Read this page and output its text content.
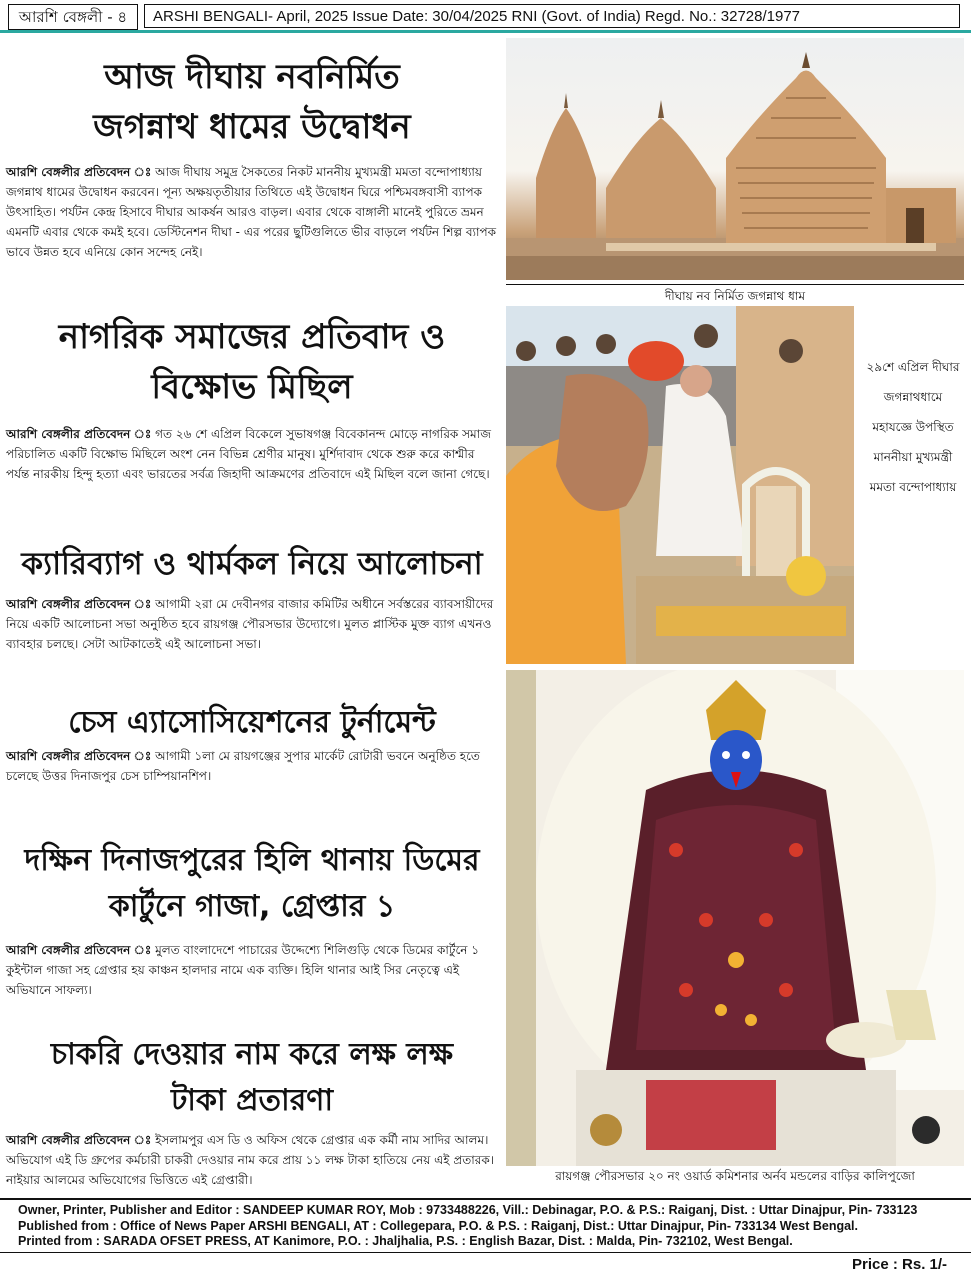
আরশি বেঙ্গলী - ৪	ARSHI BENGALI- April, 2025 Issue Date: 30/04/2025 RNI (Govt. of India) Regd. No.: 32728/1977
আজ দীঘায় নবনির্মিত
জগন্নাথ ধামের উদ্বোধন

আরশি বেঙ্গলীর প্রতিবেদন ঃ আজ দীঘায় সমুদ্র সৈকতের নিকট মাননীয় মুখ্যমন্ত্রী মমতা বন্দোপাধ্যায় জগন্নাথ ধামের উদ্বোধন করবেন। পূন্য অক্ষয়তৃতীয়ার তিথিতে এই উদ্বোধন ঘিরে পশ্চিমবঙ্গবাসী ব্যাপক উৎসাহিত। পর্যটন কেন্দ্র হিসাবে দীঘার আকর্ষন আরও বাড়ল। এবার থেকে বাঙ্গালী মানেই পুরিতে ভ্রমন এমনটি এবার থেকে কমই হবে। ডেস্টিনেশন দীঘা - এর পরের ছুটিগুলিতে ভীর বাড়লে পর্যটন শিল্প ব্যাপক ভাবে উন্নত হবে এনিয়ে কোন সন্দেহ নেই।

নাগরিক সমাজের প্রতিবাদ ও
বিক্ষোভ মিছিল

আরশি বেঙ্গলীর প্রতিবেদন ঃ গত ২৬ শে এপ্রিল বিকেলে সুভাষগঞ্জ বিবেকানন্দ মোড়ে নাগরিক সমাজ পরিচালিত একটি বিক্ষোভ মিছিলে অংশ নেন বিভিন্ন শ্রেণীর মানুষ। মুর্শিদাবাদ থেকে শুরু করে কাশ্মীর পর্যন্ত নারকীয় হিন্দু হত্যা এবং ভারতের সর্বত্র জিহাদী আক্রমণের প্রতিবাদে এই মিছিল বলে জানা গেছে।

ক্যারিব্যাগ ও থার্মকল নিয়ে আলোচনা

আরশি বেঙ্গলীর প্রতিবেদন ঃ আগামী ২রা মে দেবীনগর বাজার কমিটির অধীনে সর্বস্তরের ব্যাবসায়ীদের নিয়ে একটি আলোচনা সভা অনুষ্ঠিত হবে রায়গঞ্জ পৌরসভার উদ্যোগে। মুলত প্লাস্টিক মুক্ত ব্যাগ এখনও ব্যাবহার চলছে। সেটা আটকাতেই এই আলোচনা সভা।

চেস এ্যাসোসিয়েশনের টুর্নামেন্ট

আরশি বেঙ্গলীর প্রতিবেদন ঃ আগামী ১লা মে রায়গঞ্জের সুপার মার্কেট রোটারী ভবনে অনুষ্ঠিত হতে চলেছে উত্তর দিনাজপুর চেস চাম্পিয়ানশিপ।

দক্ষিন দিনাজপুরের হিলি থানায় ডিমের
কার্টুনে গাজা, গ্রেপ্তার ১

আরশি বেঙ্গলীর প্রতিবেদন ঃ মুলত বাংলাদেশে পাচারের উদ্দেশ্যে শিলিগুড়ি থেকে ডিমের কার্টুনে ১ কুইন্টাল গাজা সহ গ্রেপ্তার হয় কাঞ্চন হালদার নামে এক ব্যক্তি। হিলি থানার আই সির নেতৃত্বে এই অভিযানে সাফল্য।

চাকরি দেওয়ার নাম করে লক্ষ লক্ষ
টাকা প্রতারণা

আরশি বেঙ্গলীর প্রতিবেদন ঃ ইসলামপুর এস ডি ও অফিস থেকে গ্রেপ্তার এক কর্মী নাম সাদির আলম। অভিযোগ এই ডি গ্রুপের কর্মচারী চাকরী দেওয়ার নাম করে প্রায় ১১ লক্ষ টাকা হাতিয়ে নেয় এই প্রতারক। নাইয়ার আলমের অভিযোগের ভিত্তিতে এই গ্রেপ্তারী।

দীঘায় নব নির্মিত জগন্নাথ ধাম
২৯শে এপ্রিল দীঘার
জগন্নাথধামে
মহাযজ্ঞে উপস্থিত
মাননীয়া মুখ্যমন্ত্রী
মমতা বন্দোপাধ্যায়
রায়গঞ্জ পৌরসভার ২০ নং ওয়ার্ড কমিশনার অর্নব মন্ডলের বাড়ির কালিপুজো
Owner, Printer, Publisher and Editor : SANDEEP KUMAR ROY, Mob : 9733488226, Vill.: Debinagar, P.O. & P.S.: Raiganj, Dist. : Uttar Dinajpur, Pin- 733123
Published from : Office of News Paper ARSHI BENGALI, AT : Collegepara, P.O. & P.S. : Raiganj, Dist.: Uttar Dinajpur, Pin- 733134 West Bengal.
Printed from : SARADA OFSET PRESS, AT Kanimore, P.O. : Jhaljhalia, P.S. : English Bazar, Dist. : Malda, Pin- 732102, West Bengal.
Price : Rs. 1/-
